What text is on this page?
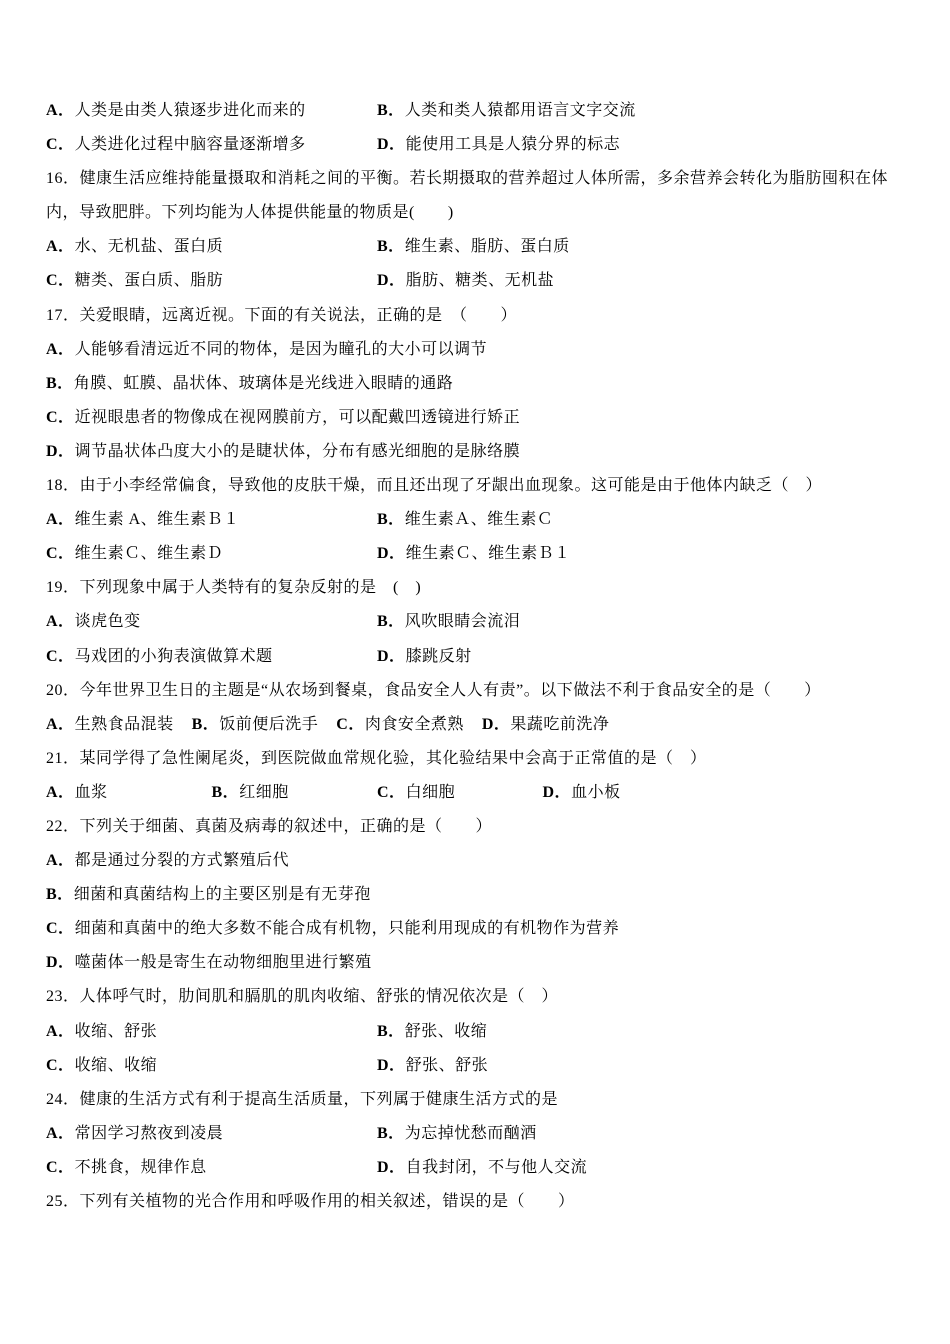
A．人类是由类人猿逐步进化而来的	B．人类和类人猿都用语言文字交流
C．人类进化过程中脑容量逐渐增多	D．能使用工具是人猿分界的标志
16． 健康生活应维持能量摄取和消耗之间的平衡。若长期摄取的营养超过人体所需，多余营养会转化为脂肪囤积在体
内，导致肥胖。下列均能为人体提供能量的物质是(　　)
A．水、无机盐、蛋白质	B．维生素、脂肪、蛋白质
C．糖类、蛋白质、脂肪	D．脂肪、糖类、无机盐
17． 关爱眼睛，远离近视。下面的有关说法，正确的是　（　　）
A． 人能够看清远近不同的物体，是因为瞳孔的大小可以调节
B． 角膜、虹膜、晶状体、玻璃体是光线进入眼睛的通路
C． 近视眼患者的物像成在视网膜前方，可以配戴凹透镜进行矫正
D． 调节晶状体凸度大小的是睫状体，分布有感光细胞的是脉络膜
18． 由于小李经常偏食，导致他的皮肤干燥，而且还出现了牙龈出血现象。这可能是由于他体内缺乏（　）
A．维生素 A、维生素Ｂ１	B．维生素Ａ、维生素Ｃ
C．维生素Ｃ、维生素Ｄ	D．维生素Ｃ、维生素Ｂ１
19． 下列现象中属于人类特有的复杂反射的是　(　)
A．谈虎色变	B．风吹眼睛会流泪
C．马戏团的小狗表演做算术题	D．膝跳反射
20． 今年世界卫生日的主题是“从农场到餐桌，食品安全人人有责”。以下做法不利于食品安全的是（　　）
A．生熟食品混装 B．饭前便后洗手 C．肉食安全煮熟 D．果蔬吃前洗净
21． 某同学得了急性阑尾炎，到医院做血常规化验，其化验结果中会高于正常值的是（　）
A．血浆	B．红细胞	C．白细胞	D．血小板
22． 下列关于细菌、真菌及病毒的叙述中，正确的是（　　）
A． 都是通过分裂的方式繁殖后代
B． 细菌和真菌结构上的主要区别是有无芽孢
C． 细菌和真菌中的绝大多数不能合成有机物，只能利用现成的有机物作为营养
D． 噬菌体一般是寄生在动物细胞里进行繁殖
23． 人体呼气时，肋间肌和膈肌的肌肉收缩、舒张的情况依次是（　）
A．收缩、舒张	B．舒张、收缩
C．收缩、收缩	D．舒张、舒张
24． 健康的生活方式有利于提高生活质量，下列属于健康生活方式的是
A．常因学习熬夜到凌晨	B．为忘掉忧愁而酗酒
C．不挑食，规律作息	D．自我封闭，不与他人交流
25． 下列有关植物的光合作用和呼吸作用的相关叙述，错误的是（　　）
